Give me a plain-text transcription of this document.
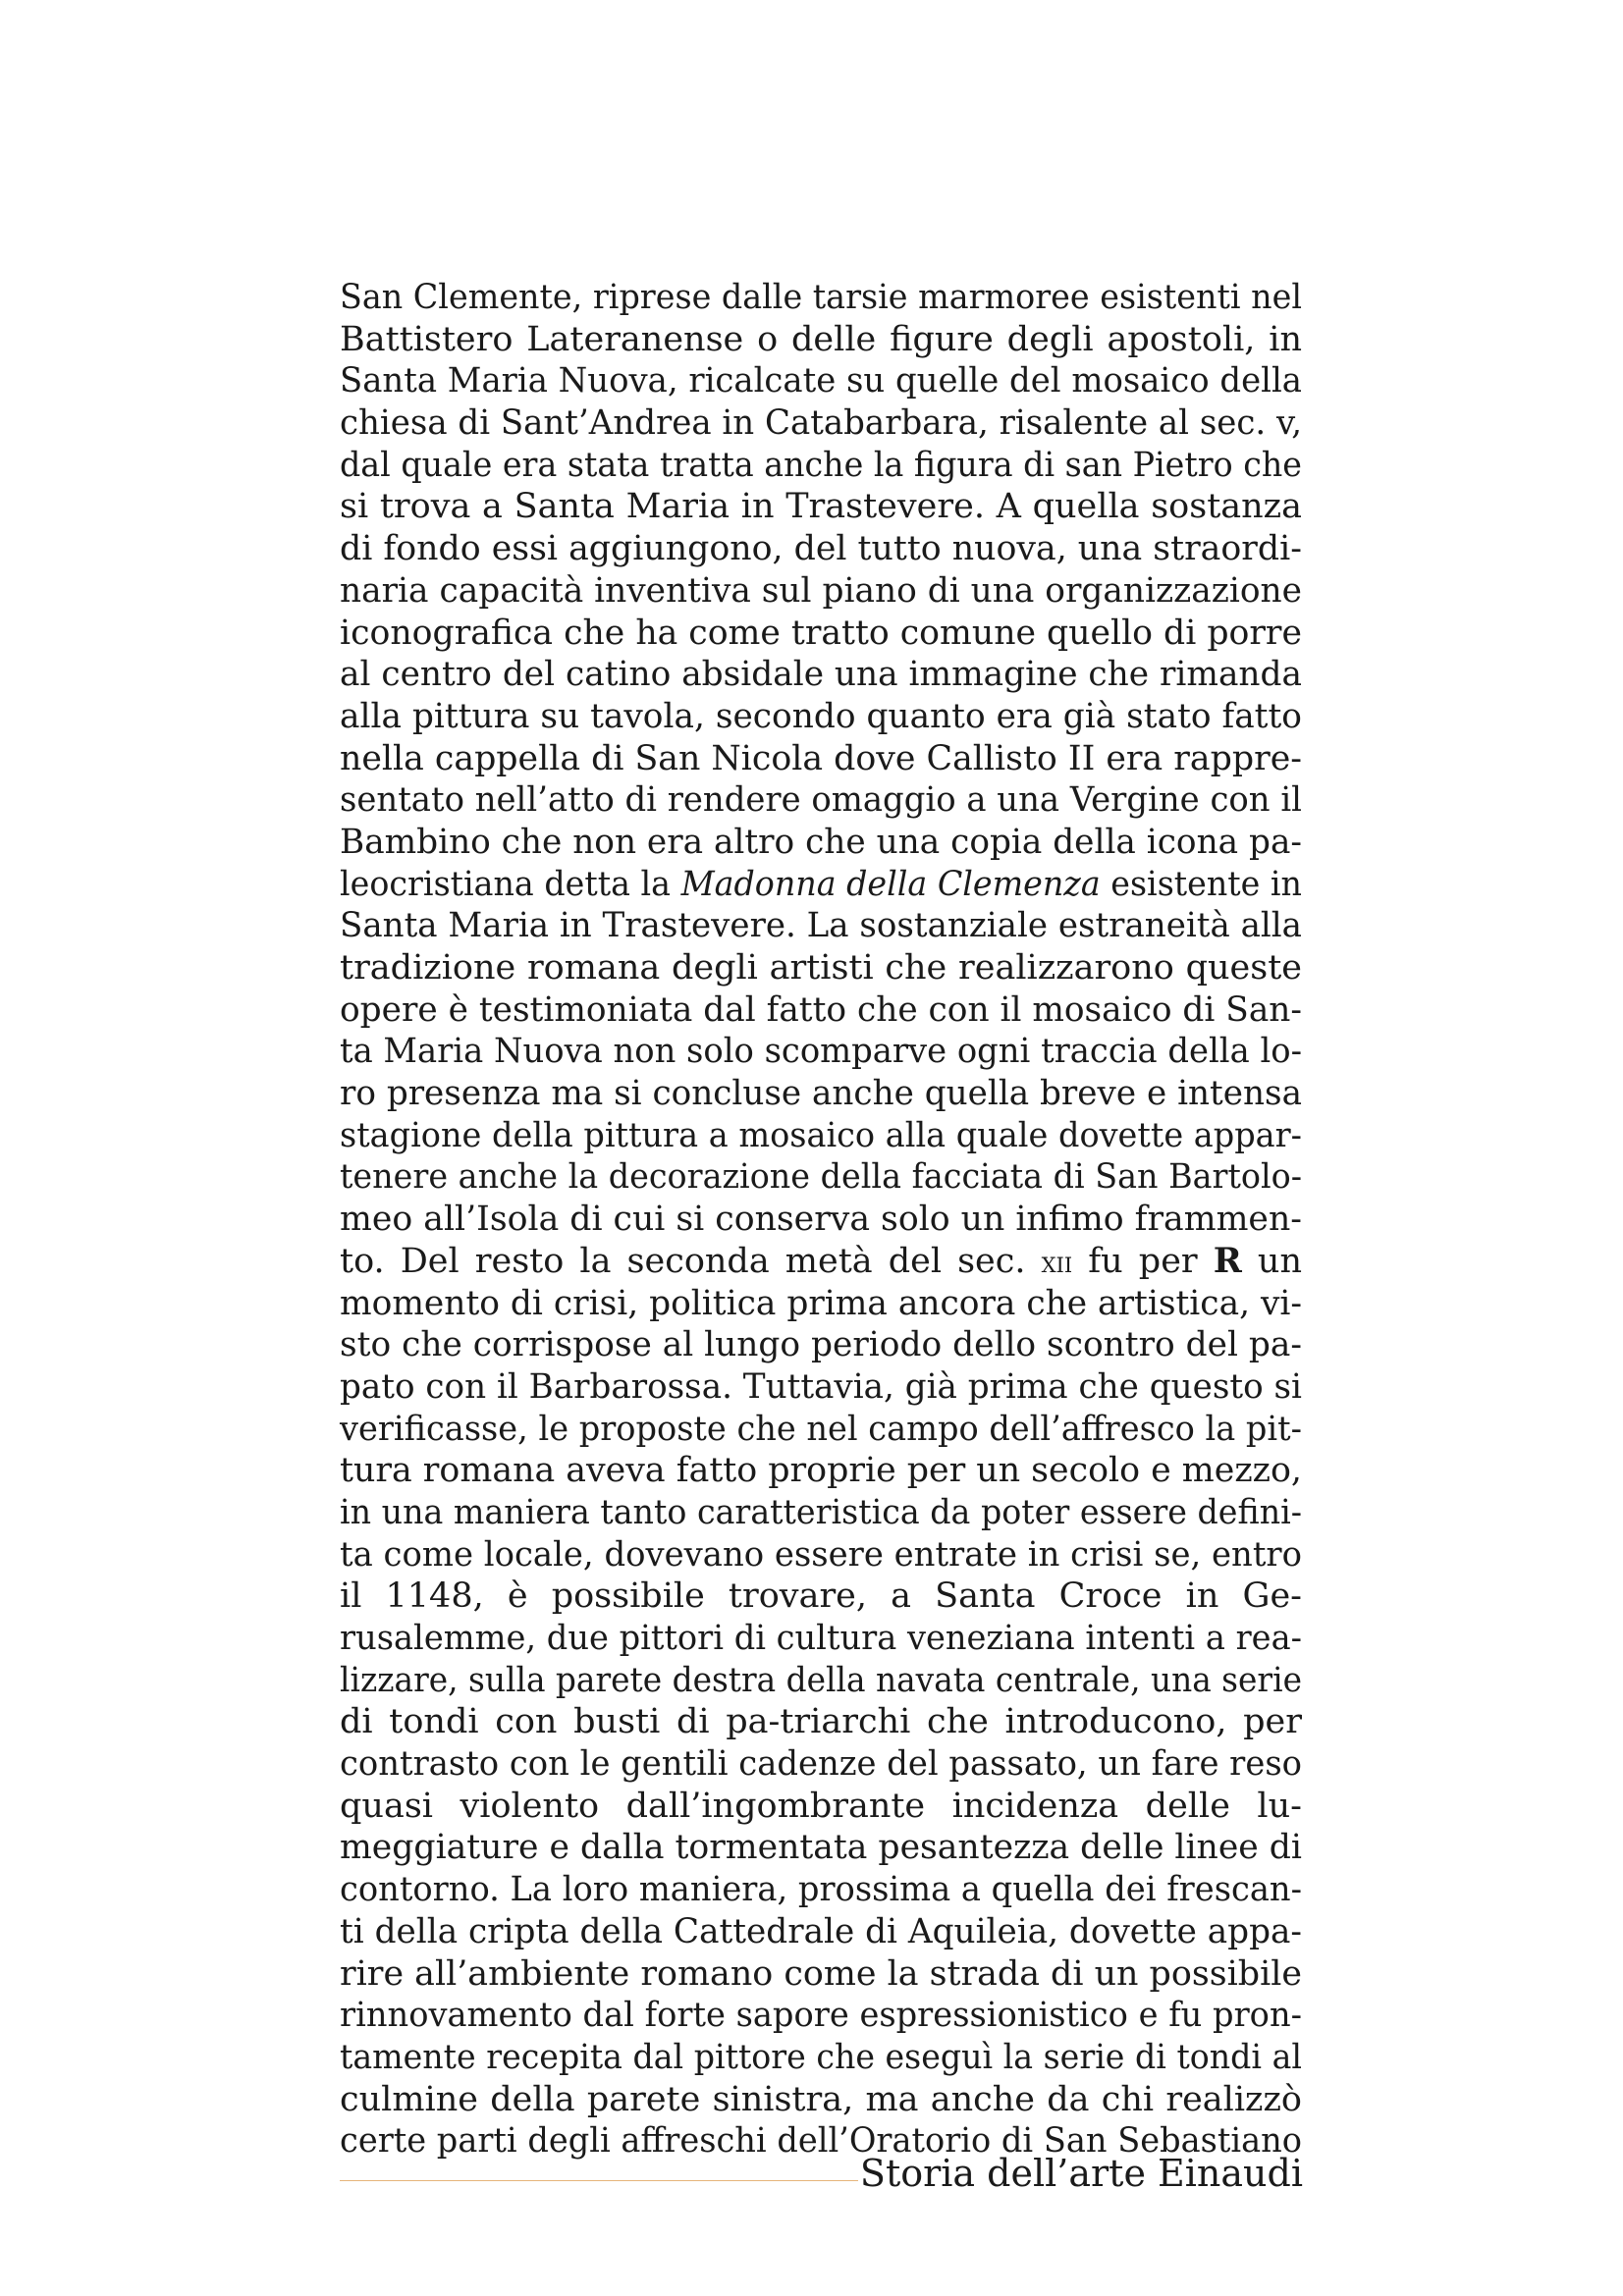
San Clemente, riprese dalle tarsie marmoree esistenti nel
Battistero Lateranense o delle figure degli apostoli, in
Santa Maria Nuova, ricalcate su quelle del mosaico della
chiesa di Sant’Andrea in Catabarbara, risalente al sec. v,
dal quale era stata tratta anche la figura di san Pietro che
si trova a Santa Maria in Trastevere. A quella sostanza
di fondo essi aggiungono, del tutto nuova, una straordi-
naria capacità inventiva sul piano di una organizzazione
iconografica che ha come tratto comune quello di porre
al centro del catino absidale una immagine che rimanda
alla pittura su tavola, secondo quanto era già stato fatto
nella cappella di San Nicola dove Callisto II era rappre-
sentato nell’atto di rendere omaggio a una Vergine con il
Bambino che non era altro che una copia della icona pa-
leocristiana detta la Madonna della Clemenza esistente in
Santa Maria in Trastevere. La sostanziale estraneità alla
tradizione romana degli artisti che realizzarono queste
opere è testimoniata dal fatto che con il mosaico di San-
ta Maria Nuova non solo scomparve ogni traccia della lo-
ro presenza ma si concluse anche quella breve e intensa
stagione della pittura a mosaico alla quale dovette appar-
tenere anche la decorazione della facciata di San Bartolo-
meo all’Isola di cui si conserva solo un infimo frammen-
to. Del resto la seconda metà del sec. xii fu per R un
momento di crisi, politica prima ancora che artistica, vi-
sto che corrispose al lungo periodo dello scontro del pa-
pato con il Barbarossa. Tuttavia, già prima che questo si
verificasse, le proposte che nel campo dell’affresco la pit-
tura romana aveva fatto proprie per un secolo e mezzo,
in una maniera tanto caratteristica da poter essere defini-
ta come locale, dovevano essere entrate in crisi se, entro
il 1148, è possibile trovare, a Santa Croce in Ge-
rusalemme, due pittori di cultura veneziana intenti a rea-
lizzare, sulla parete destra della navata centrale, una serie
di tondi con busti di pa-triarchi che introducono, per
contrasto con le gentili cadenze del passato, un fare reso
quasi violento dall’ingombrante incidenza delle lu-
meggiature e dalla tormentata pesantezza delle linee di
contorno. La loro maniera, prossima a quella dei frescan-
ti della cripta della Cattedrale di Aquileia, dovette appa-
rire all’ambiente romano come la strada di un possibile
rinnovamento dal forte sapore espressionistico e fu pron-
tamente recepita dal pittore che eseguì la serie di tondi al
culmine della parete sinistra, ma anche da chi realizzò
certe parti degli affreschi dell’Oratorio di San Sebastiano
Storia dell’arte Einaudi
